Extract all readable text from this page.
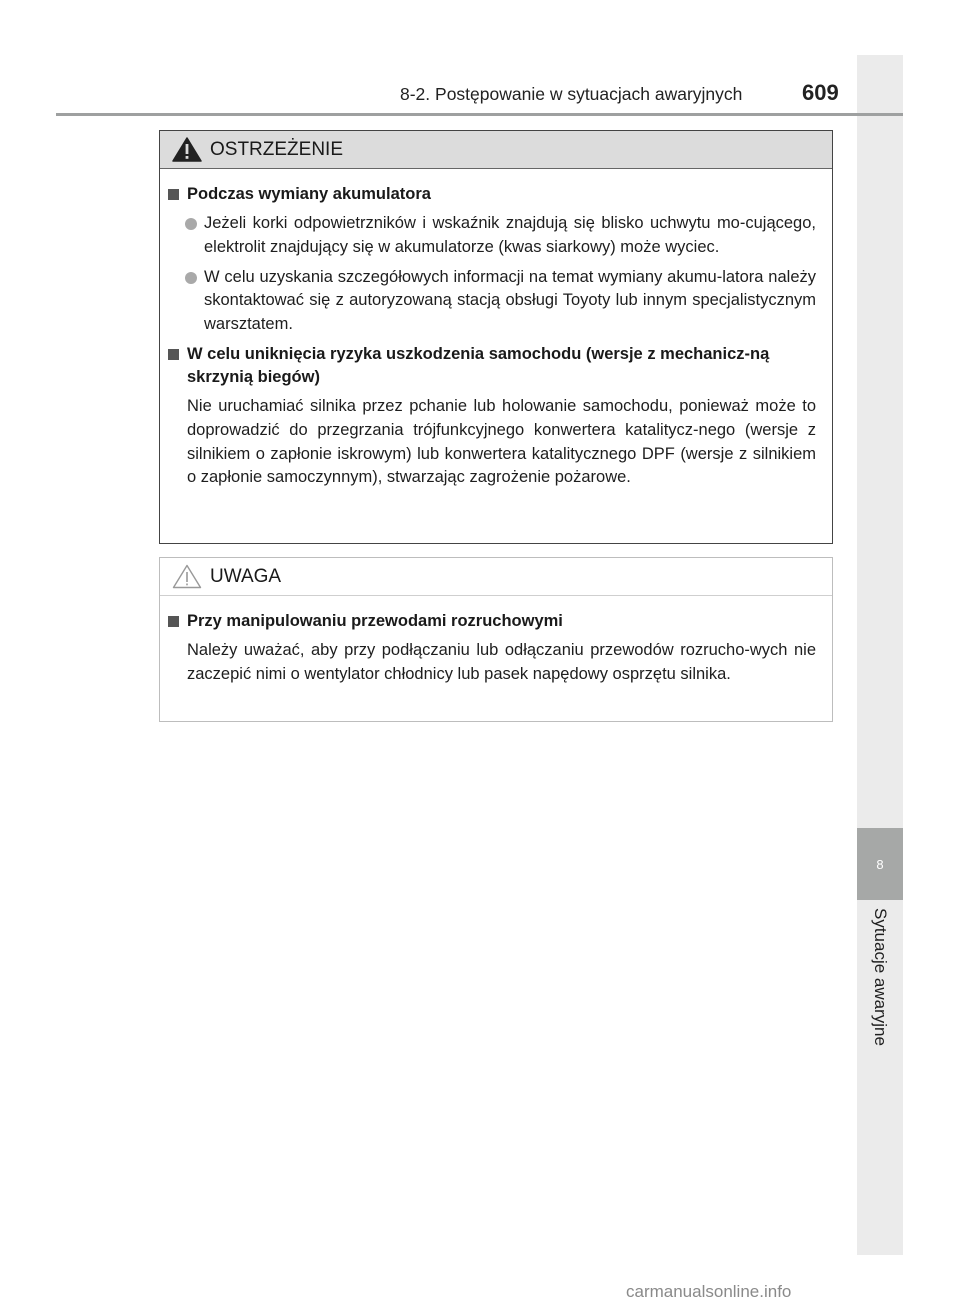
8
Sytuacje awaryjne
8-2. Postępowanie w sytuacjach awaryjnych	609
OSTRZEŻENIE
Podczas wymiany akumulatora
Jeżeli korki odpowietrzników i wskaźnik znajdują się blisko uchwytu mo-cującego, elektrolit znajdujący się w akumulatorze (kwas siarkowy) może wyciec.
W celu uzyskania szczegółowych informacji na temat wymiany akumu-latora należy skontaktować się z autoryzowaną stacją obsługi Toyoty lub innym specjalistycznym warsztatem.
W celu uniknięcia ryzyka uszkodzenia samochodu (wersje z mechanicz-ną skrzynią biegów)
Nie uruchamiać silnika przez pchanie lub holowanie samochodu, ponieważ może to doprowadzić do przegrzania trójfunkcyjnego konwertera katalitycz-nego (wersje z silnikiem o zapłonie iskrowym) lub konwertera katalitycznego DPF (wersje z silnikiem o zapłonie samoczynnym), stwarzając zagrożenie pożarowe.
UWAGA
Przy manipulowaniu przewodami rozruchowymi
Należy uważać, aby przy podłączaniu lub odłączaniu przewodów rozrucho-wych nie zaczepić nimi o wentylator chłodnicy lub pasek napędowy osprzętu silnika.
carmanualsonline.info
